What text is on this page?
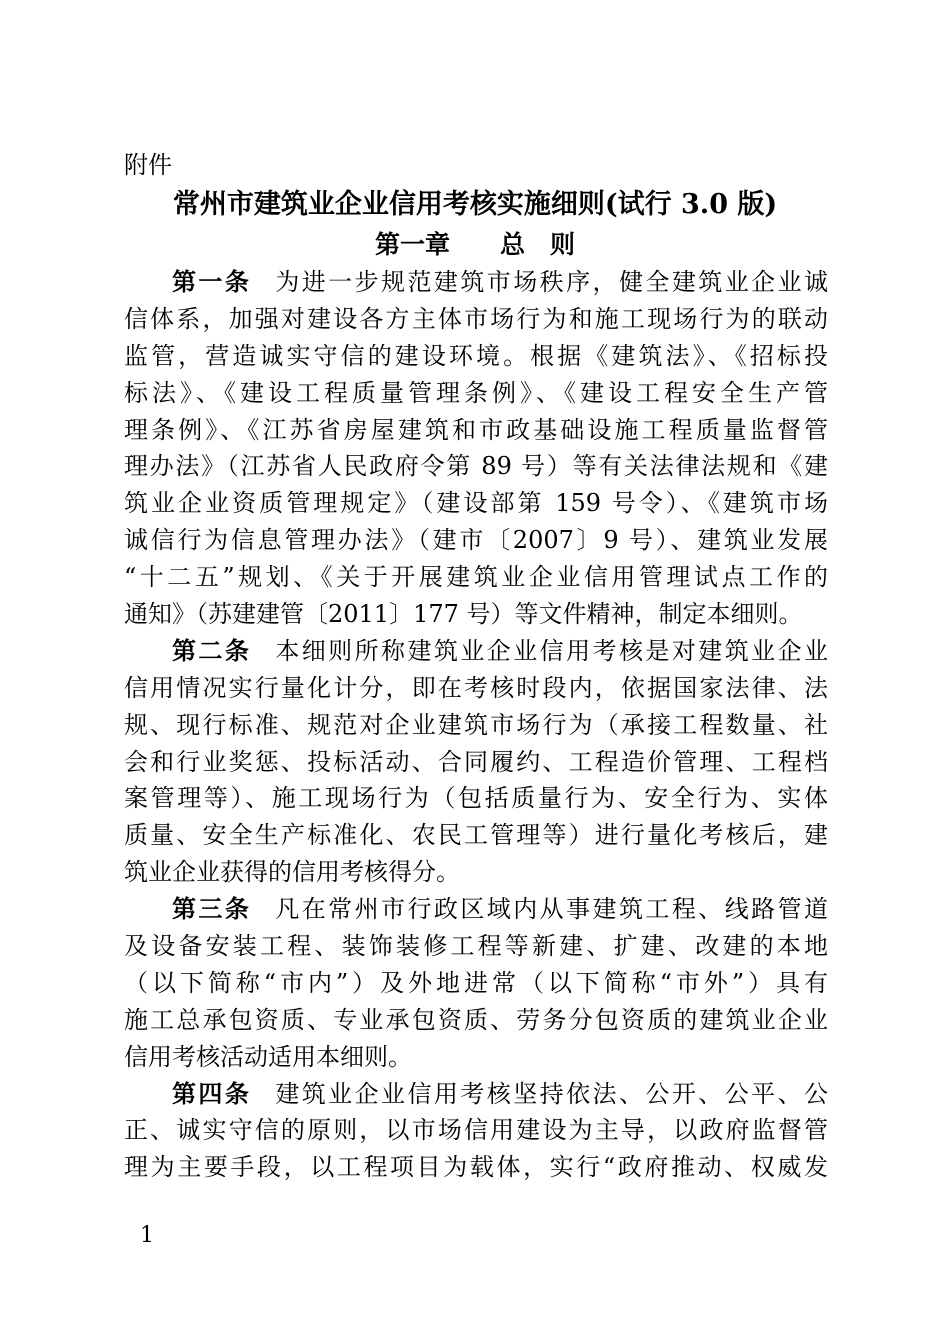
附件
常州市建筑业企业信用考核实施细则(试行 3.0 版)
第一章　　总　则
第一条 为进一步规范建筑市场秩序，健全建筑业企业诚
信体系，加强对建设各方主体市场行为和施工现场行为的联动
监管，营造诚实守信的建设环境。根据《建筑法》、《招标投
标法》、《建设工程质量管理条例》、《建设工程安全生产管
理条例》、《江苏省房屋建筑和市政基础设施工程质量监督管
理办法》（江苏省人民政府令第 89 号）等有关法律法规和《建
筑业企业资质管理规定》（建设部第 159 号令）、《建筑市场
诚信行为信息管理办法》（建市〔2007〕9 号）、建筑业发展
“十二五”规划、《关于开展建筑业企业信用管理试点工作的
通知》（苏建建管〔2011〕177 号）等文件精神，制定本细则。
第二条 本细则所称建筑业企业信用考核是对建筑业企业
信用情况实行量化计分，即在考核时段内，依据国家法律、法
规、现行标准、规范对企业建筑市场行为（承接工程数量、社
会和行业奖惩、投标活动、合同履约、工程造价管理、工程档
案管理等）、施工现场行为（包括质量行为、安全行为、实体
质量、安全生产标准化、农民工管理等）进行量化考核后，建
筑业企业获得的信用考核得分。
第三条 凡在常州市行政区域内从事建筑工程、线路管道
及设备安装工程、装饰装修工程等新建、扩建、改建的本地
（以下简称“市内”）及外地进常（以下简称“市外”）具有
施工总承包资质、专业承包资质、劳务分包资质的建筑业企业
信用考核活动适用本细则。
第四条 建筑业企业信用考核坚持依法、公开、公平、公
正、诚实守信的原则，以市场信用建设为主导，以政府监督管
理为主要手段，以工程项目为载体，实行“政府推动、权威发
1
